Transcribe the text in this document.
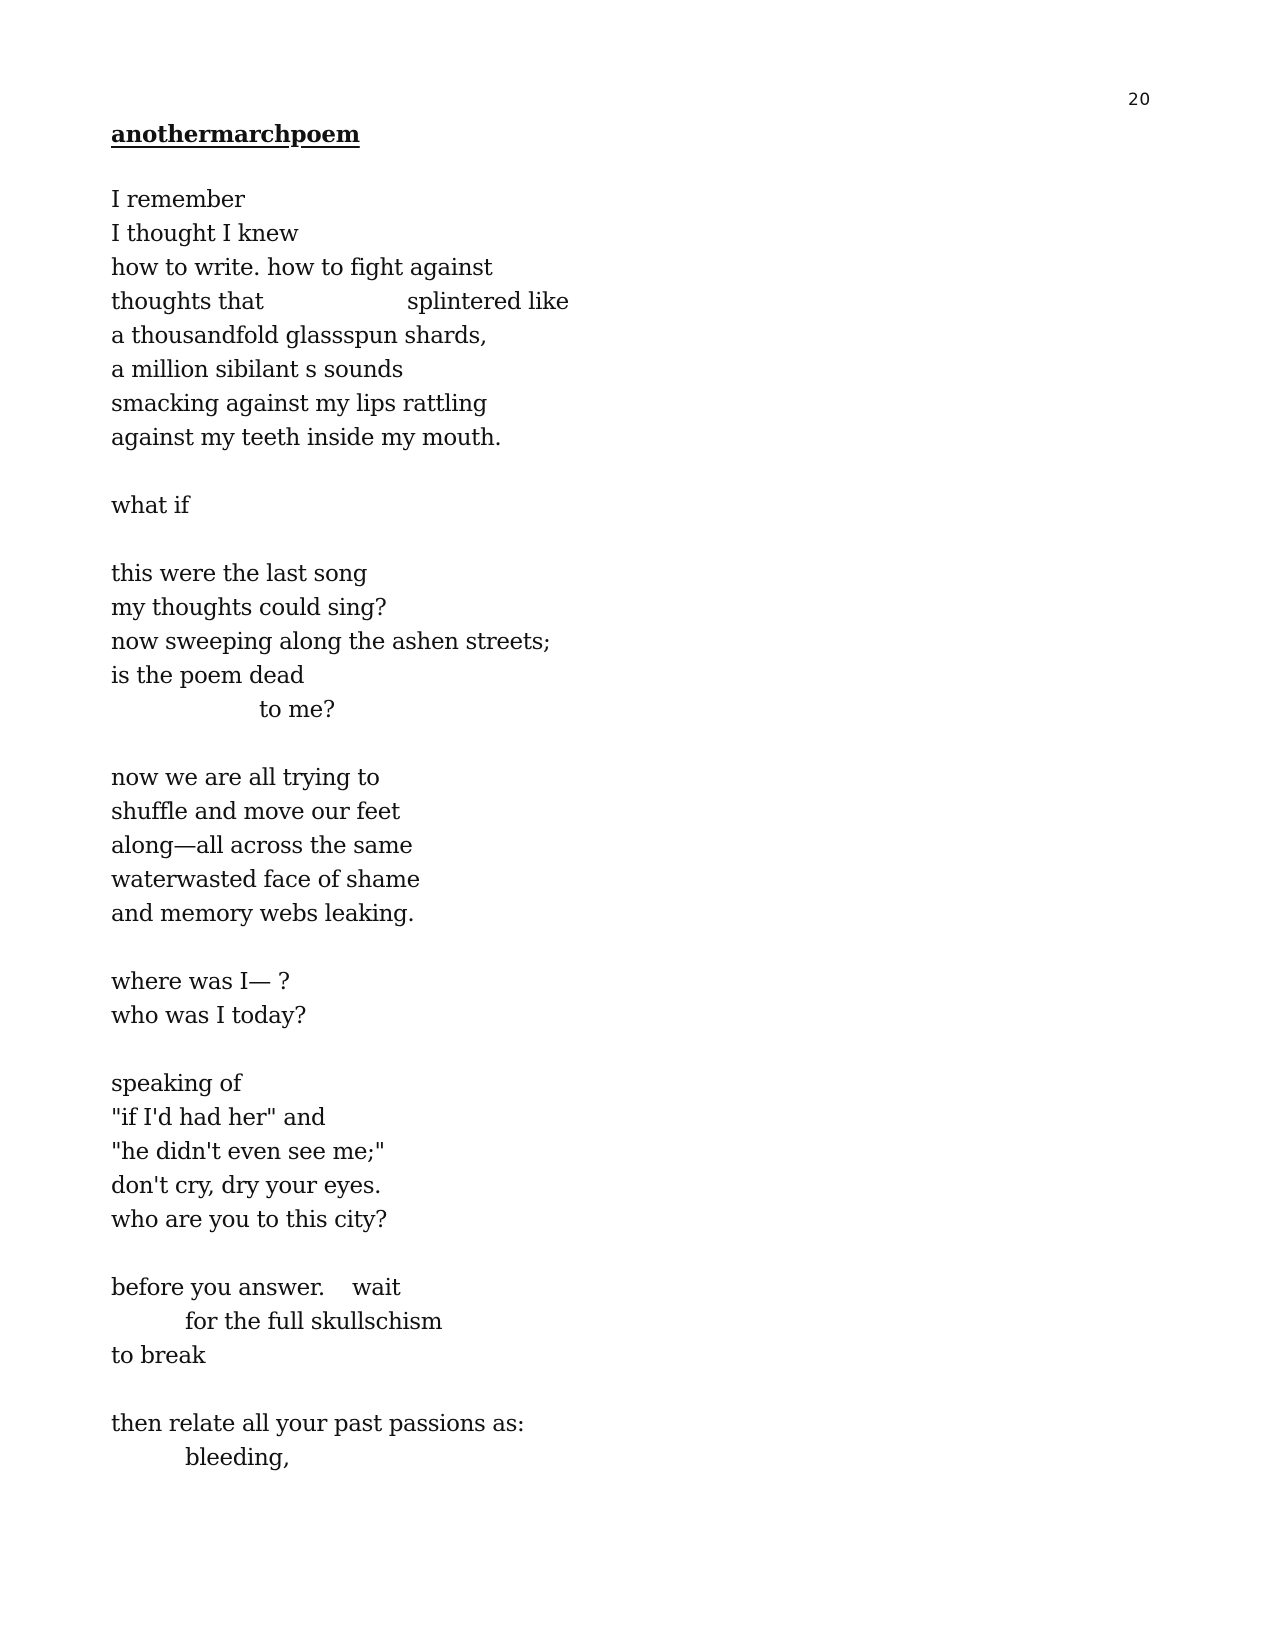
20
anothermarchpoem
I remember
I thought I knew
how to write. how to fight against
thoughts that	splintered like
a thousandfold glassspun shards,
a million sibilant s sounds
smacking against my lips rattling
against my teeth inside my mouth.
what if
this were the last song
my thoughts could sing?
now sweeping along the ashen streets;
is the poem dead
to me?
now we are all trying to
shuffle and move our feet
along—all across the same
waterwasted face of shame
and memory webs leaking.
where was I— ?
who was I today?
speaking of
"if I'd had her" and
"he didn't even see me;"
don't cry, dry your eyes.
who are you to this city?
before you answer. wait
for the full skullschism
to break
then relate all your past passions as:
bleeding,
